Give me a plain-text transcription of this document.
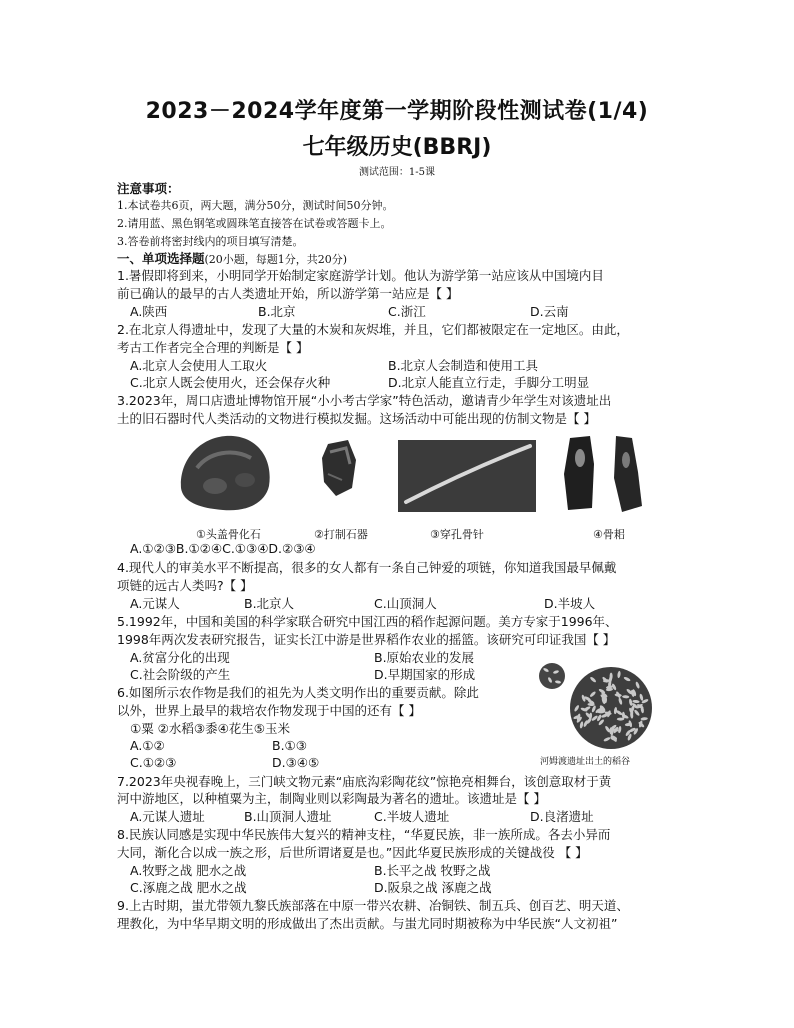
2023－2024学年度第一学期阶段性测试卷(1/4)
七年级历史(BBRJ)
测试范围：1-5课
注意事项：
1.本试卷共6页，两大题，满分50分，测试时间50分钟。
2.请用蓝、黑色钢笔或圆珠笔直接答在试卷或答题卡上。
3.答卷前将密封线内的项目填写清楚。
一、单项选择题(20小题，每题1分，共20分)
1.暑假即将到来，小明同学开始制定家庭游学计划。他认为游学第一站应该从中国境内目
前已确认的最早的古人类遗址开始，所以游学第一站应是【 】
A.陕西	B.北京	C.浙江	D.云南
2.在北京人得遗址中，发现了大量的木炭和灰烬堆，并且，它们都被限定在一定地区。由此，
考古工作者完全合理的判断是【 】
A.北京人会使用人工取火	B.北京人会制造和使用工具
C.北京人既会使用火，还会保存火种	D.北京人能直立行走，手脚分工明显
3.2023年，周口店遗址博物馆开展“小小考古学家”特色活动，邀请青少年学生对该遗址出
土的旧石器时代人类活动的文物进行模拟发掘。这场活动中可能出现的仿制文物是【 】
①头盖骨化石	②打制石器	③穿孔骨针	④骨耜
A.①②③B.①②④C.①③④D.②③④
4.现代人的审美水平不断提高，很多的女人都有一条自己钟爱的项链，你知道我国最早佩戴
项链的远古人类吗?【 】
A.元谋人	B.北京人	C.山顶洞人	D.半坡人
5.1992年，中国和美国的科学家联合研究中国江西的稻作起源问题。美方专家于1996年、
1998年两次发表研究报告，证实长江中游是世界稻作农业的摇篮。该研究可印证我国【 】
A.贫富分化的出现	B.原始农业的发展
C.社会阶级的产生	D.早期国家的形成
6.如图所示农作物是我们的祖先为人类文明作出的重要贡献。除此
以外，世界上最早的栽培农作物发现于中国的还有【 】
①粟 ②水稻③黍④花生⑤玉米
A.①②	B.①③
C.①②③	D.③④⑤	河姆渡遗址出土的稻谷
7.2023年央视春晚上，三门峡文物元素“庙底沟彩陶花纹”惊艳亮相舞台，该创意取材于黄
河中游地区，以种植粟为主，制陶业则以彩陶最为著名的遗址。该遗址是【 】
A.元谋人遗址	B.山顶洞人遗址	C.半坡人遗址	D.良渚遗址
8.民族认同感是实现中华民族伟大复兴的精神支柱，“华夏民族，非一族所成。各去小异而
大同，渐化合以成一族之形，后世所谓诸夏是也。”因此华夏民族形成的关键战役 【 】
A.牧野之战 肥水之战	B.长平之战 牧野之战
C.涿鹿之战 肥水之战	D.阪泉之战 涿鹿之战
9.上古时期，蚩尤带领九黎氏族部落在中原一带兴农耕、冶铜铁、制五兵、创百艺、明天道、
理教化，为中华早期文明的形成做出了杰出贡献。与蚩尤同时期被称为中华民族“人文初祖”
